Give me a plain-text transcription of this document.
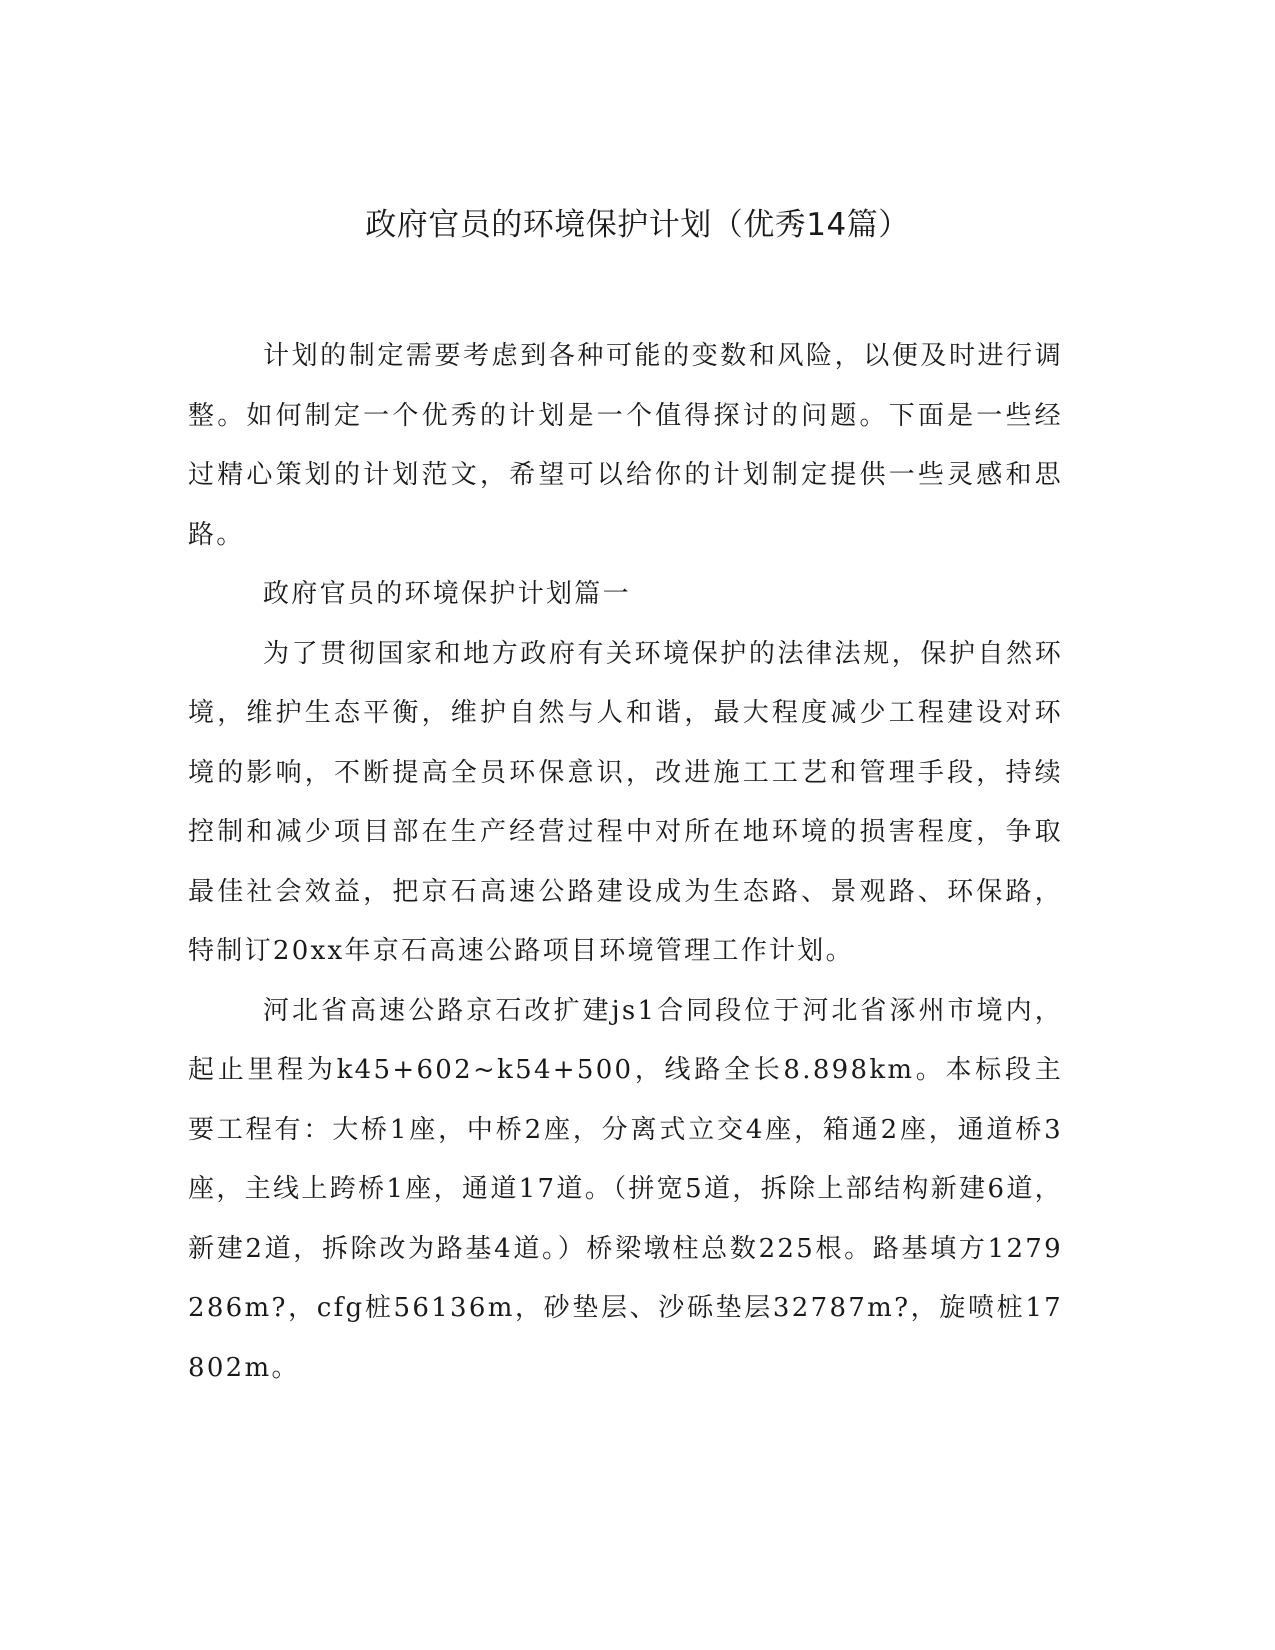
政府官员的环境保护计划（优秀14篇）

计划的制定需要考虑到各种可能的变数和风险，以便及时进行调整。如何制定一个优秀的计划是一个值得探讨的问题。下面是一些经过精心策划的计划范文，希望可以给你的计划制定提供一些灵感和思路。

政府官员的环境保护计划篇一

为了贯彻国家和地方政府有关环境保护的法律法规，保护自然环境，维护生态平衡，维护自然与人和谐，最大程度减少工程建设对环境的影响，不断提高全员环保意识，改进施工工艺和管理手段，持续控制和减少项目部在生产经营过程中对所在地环境的损害程度，争取最佳社会效益，把京石高速公路建设成为生态路、景观路、环保路，特制订20xx年京石高速公路项目环境管理工作计划。

河北省高速公路京石改扩建js1合同段位于河北省涿州市境内，起止里程为k45+602~k54+500，线路全长8.898km。本标段主要工程有：大桥1座，中桥2座，分离式立交4座，箱通2座，通道桥3座，主线上跨桥1座，通道17道。（拼宽5道，拆除上部结构新建6道，新建2道，拆除改为路基4道。）桥梁墩柱总数225根。路基填方1279286m?，cfg桩56136m，砂垫层、沙砾垫层32787m?，旋喷桩17802m。
